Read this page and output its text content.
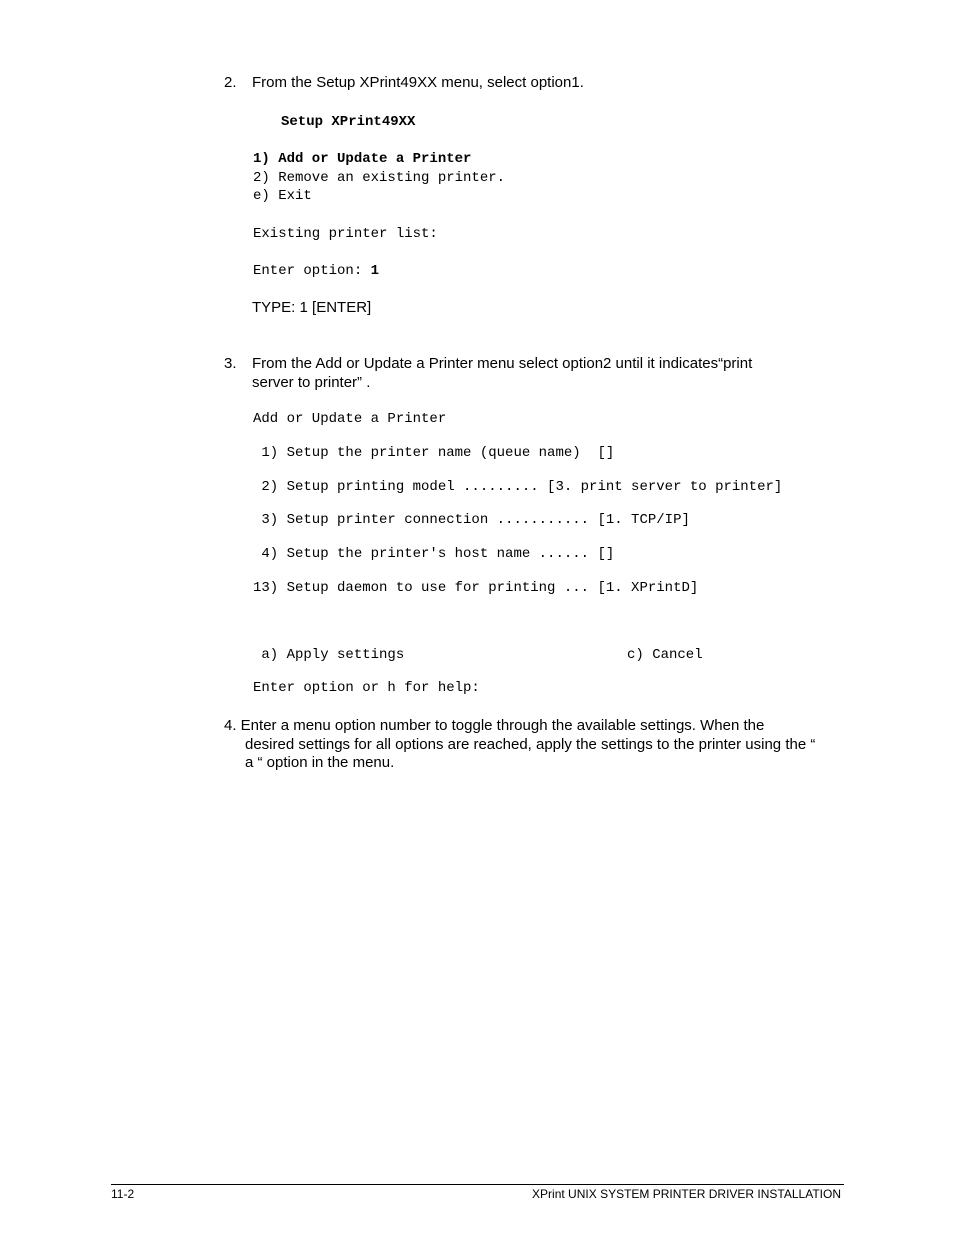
2. From the Setup XPrint49XX menu, select option1.
Setup XPrint49XX
1) Add or Update a Printer
2) Remove an existing printer.
e) Exit
Existing printer list:
Enter option: 1
TYPE: 1 [ENTER]
3. From the Add or Update a Printer menu select option2 until it indicates“print
server to printer” .
Add or Update a Printer
1) Setup the printer name (queue name)  []
2) Setup printing model ......... [3. print server to printer]
3) Setup printer connection ........... [1. TCP/IP]
4) Setup the printer's host name ...... []
13) Setup daemon to use for printing ... [1. XPrintD]
a) Apply settings	c) Cancel
Enter option or h for help:
4. Enter a menu option number to toggle through the available settings. When the
desired settings for all options are reached, apply the settings to the printer using the “
a “ option in the menu.
11-2	XPrint UNIX SYSTEM PRINTER DRIVER INSTALLATION
